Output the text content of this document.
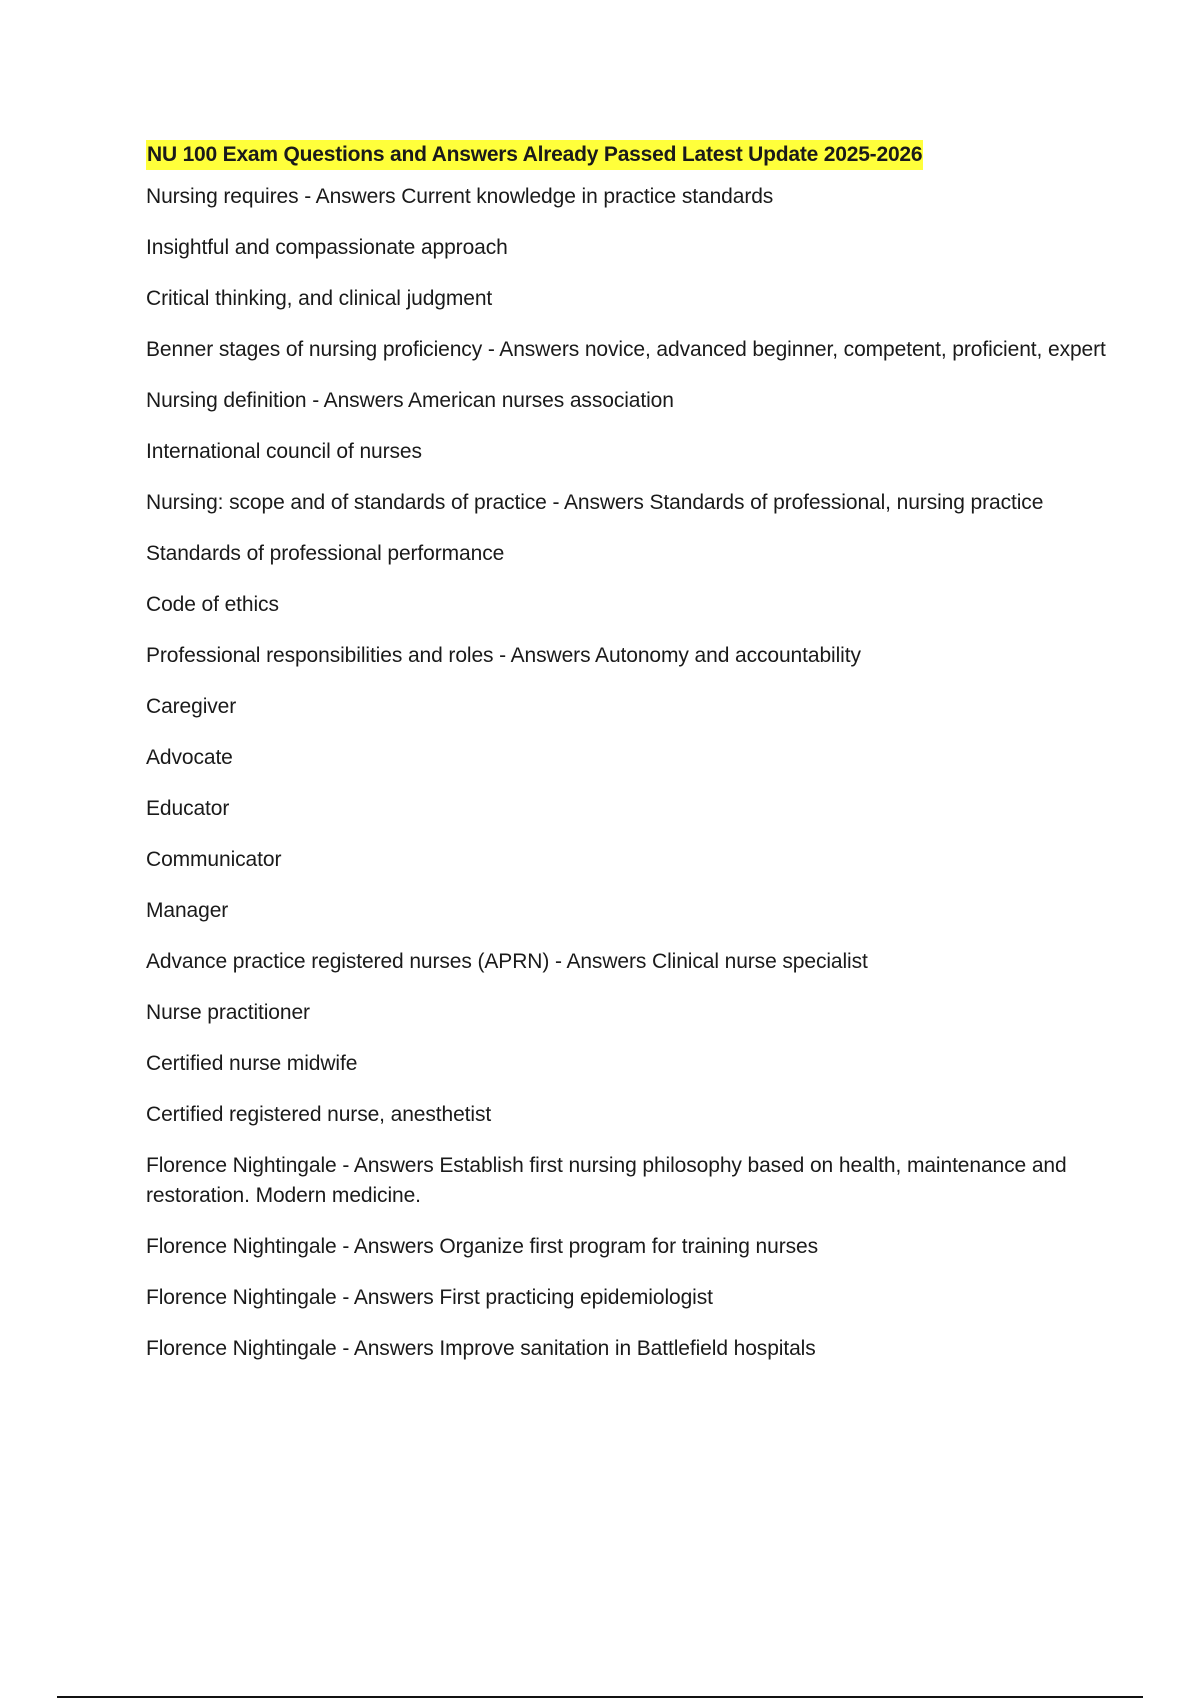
NU 100 Exam Questions and Answers Already Passed Latest Update 2025-2026
Nursing requires - Answers Current knowledge in practice standards
Insightful and compassionate approach
Critical thinking, and clinical judgment
Benner stages of nursing proficiency - Answers novice, advanced beginner, competent, proficient, expert
Nursing definition - Answers American nurses association
International council of nurses
Nursing: scope and of standards of practice - Answers Standards of professional, nursing practice
Standards of professional performance
Code of ethics
Professional responsibilities and roles - Answers Autonomy and accountability
Caregiver
Advocate
Educator
Communicator
Manager
Advance practice registered nurses (APRN) - Answers Clinical nurse specialist
Nurse practitioner
Certified nurse midwife
Certified registered nurse, anesthetist
Florence Nightingale - Answers Establish first nursing philosophy based on health, maintenance and restoration. Modern medicine.
Florence Nightingale - Answers Organize first program for training nurses
Florence Nightingale - Answers First practicing epidemiologist
Florence Nightingale - Answers Improve sanitation in Battlefield hospitals
